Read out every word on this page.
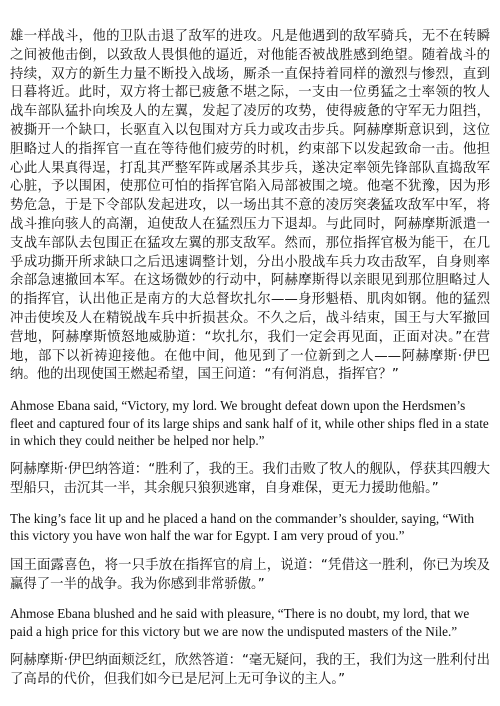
雄一样战斗，他的卫队击退了敌军的进攻。凡是他遇到的敌军骑兵，无不在转瞬之间被他击倒，以致敌人畏惧他的逼近，对他能否被战胜感到绝望。随着战斗的持续，双方的新生力量不断投入战场，厮杀一直保持着同样的激烈与惨烈，直到日暮将近。此时，双方将士都已疲惫不堪之际，一支由一位勇猛之士率领的牧人战车部队猛扑向埃及人的左翼，发起了凌厉的攻势，使得疲惫的守军无力阻挡，被撕开一个缺口，长驱直入以包围对方兵力或攻击步兵。阿赫摩斯意识到，这位胆略过人的指挥官一直在等待他们疲劳的时机，约束部下以发起致命一击。他担心此人果真得逞，打乱其严整军阵或屠杀其步兵，遂决定率领先锋部队直捣敌军心脏，予以围困，使那位可怕的指挥官陷入局部被围之境。他毫不犹豫，因为形势危急，于是下令部队发起进攻，以一场出其不意的凌厉突袭猛攻敌军中军，将战斗推向骇人的高潮，迫使敌人在猛烈压力下退却。与此同时，阿赫摩斯派遣一支战车部队去包围正在猛攻左翼的那支敌军。然而，那位指挥官极为能干，在几乎成功撕开所求缺口之后迅速调整计划，分出小股战车兵力攻击敌军，自身则率余部急速撤回本军。在这场微妙的行动中，阿赫摩斯得以亲眼见到那位胆略过人的指挥官，认出他正是南方的大总督坎扎尔——身形魁梧、肌肉如钢。他的猛烈冲击使埃及人在精锐战车兵中折损甚众。不久之后，战斗结束，国王与大军撤回营地，阿赫摩斯愤怒地威胁道：“坎扎尔，我们一定会再见面，正面对决。”在营地，部下以祈祷迎接他。在他中间，他见到了一位新到之人——阿赫摩斯·伊巴纳。他的出现使国王燃起希望，国王问道：“有何消息，指挥官？”

Ahmose Ebana said, “Victory, my lord. We brought defeat down upon the Herdsmen’s fleet and captured four of its large ships and sank half of it, while other ships fled in a state in which they could neither be helped nor help.”

阿赫摩斯·伊巴纳答道：“胜利了，我的王。我们击败了牧人的舰队，俘获其四艘大型船只，击沉其一半，其余舰只狼狈逃窜，自身难保，更无力援助他船。”

The king’s face lit up and he placed a hand on the commander’s shoulder, saying, “With this victory you have won half the war for Egypt. I am very proud of you.”

国王面露喜色，将一只手放在指挥官的肩上，说道：“凭借这一胜利，你已为埃及赢得了一半的战争。我为你感到非常骄傲。”

Ahmose Ebana blushed and he said with pleasure, “There is no doubt, my lord, that we paid a high price for this victory but we are now the undisputed masters of the Nile.”

阿赫摩斯·伊巴纳面颊泛红，欣然答道：“毫无疑问，我的王，我们为这一胜利付出了高昂的代价，但我们如今已是尼河上无可争议的主人。”
